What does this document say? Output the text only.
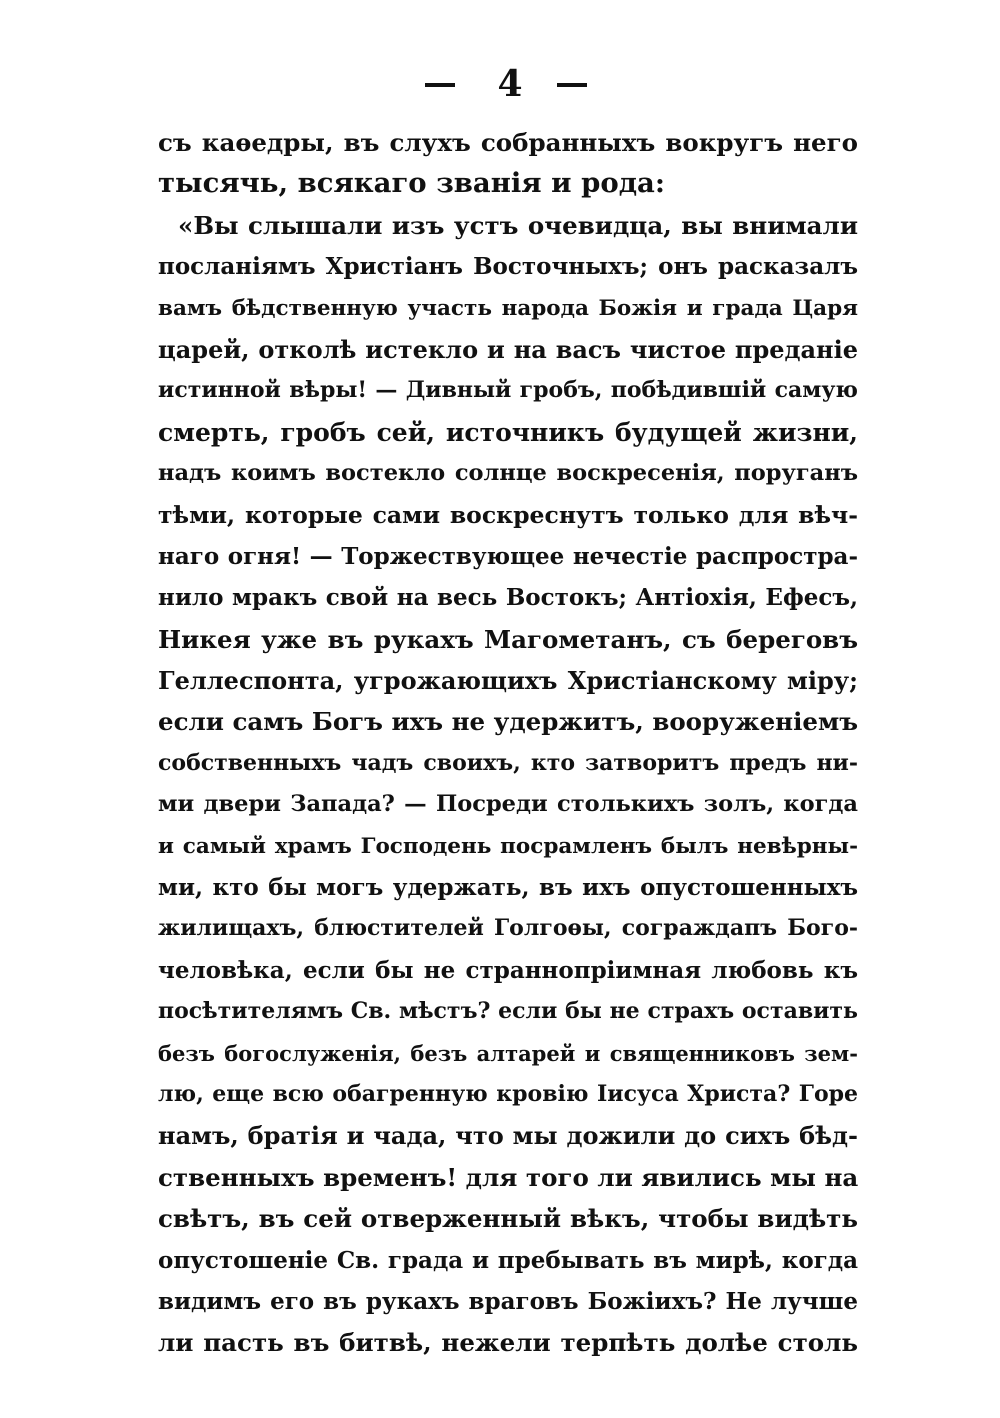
4
съ каѳедры, въ слухъ собранныхъ вокругъ него
тысячь, всякаго званія и рода:
«Вы слышали изъ устъ очевидца, вы внимали
посланіямъ Христіанъ Восточныхъ; онъ расказалъ
вамъ бѣдственную участь народа Божія и града Царя
царей, отколѣ истекло и на васъ чистое преданіе
истинной вѣры! — Дивный гробъ, побѣдившій самую
смерть, гробъ сей, источникъ будущей жизни,
надъ коимъ востекло солнце воскресенія, поруганъ
тѣми, которые сами воскреснутъ только для вѣч-
наго огня! — Торжествующее нечестіе распростра-
нило мракъ свой на весь Востокъ; Антіохія, Ефесъ,
Никея уже въ рукахъ Магометанъ, съ береговъ
Геллеспонта, угрожающихъ Христіанскому міру;
если самъ Богъ ихъ не удержитъ, вооруженіемъ
собственныхъ чадъ своихъ, кто затворитъ предъ ни-
ми двери Запада? — Посреди столькихъ золъ, когда
и самый храмъ Господень посрамленъ былъ невѣрны-
ми, кто бы могъ удержать, въ ихъ опустошенныхъ
жилищахъ, блюстителей Голгоѳы, сограждапъ Бого-
человѣка, если бы не страннопріимная любовь къ
посѣтителямъ Св. мѣстъ? если бы не страхъ оставить
безъ богослуженія, безъ алтарей и священниковъ зем-
лю, еще всю обагренную кровію Іисуса Христа? Горе
намъ, братія и чада, что мы дожили до сихъ бѣд-
ственныхъ временъ! для того ли явились мы на
свѣтъ, въ сей отверженный вѣкъ, чтобы видѣть
опустошеніе Св. града и пребывать въ мирѣ, когда
видимъ его въ рукахъ враговъ Божіихъ? Не лучше
ли пасть въ битвѣ, нежели терпѣть долѣе столь
